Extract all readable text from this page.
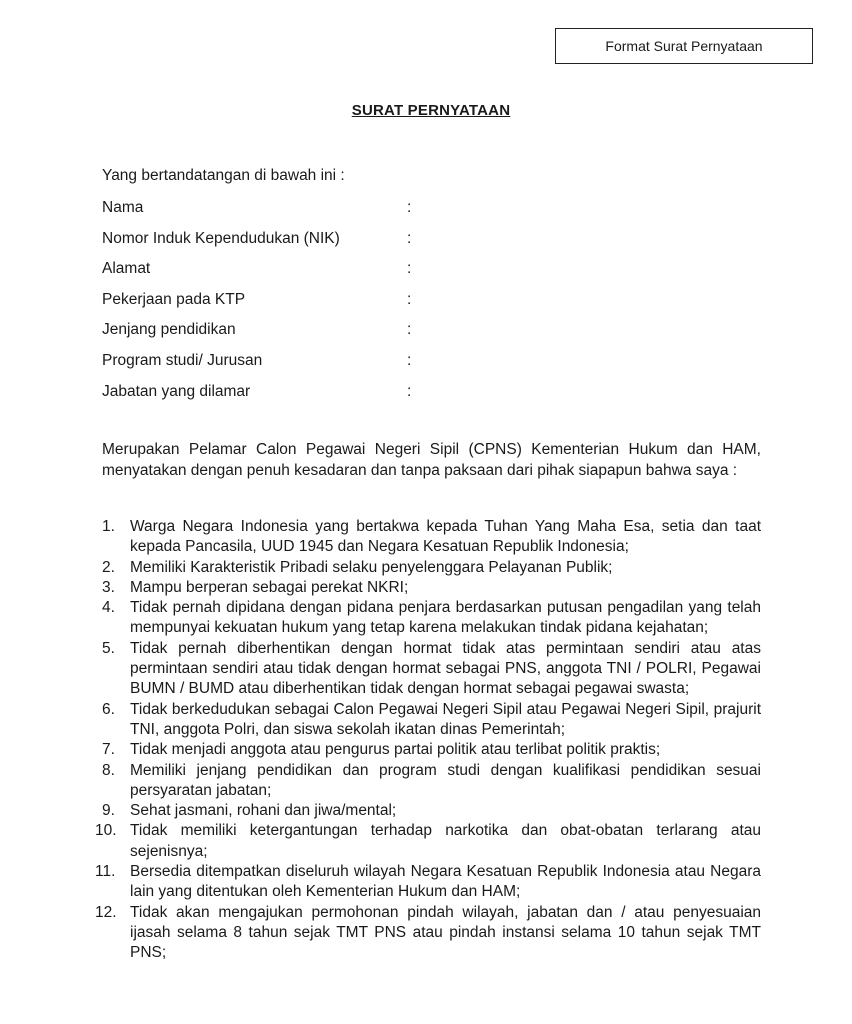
Format Surat Pernyataan
SURAT PERNYATAAN
Yang bertandatangan di bawah ini :
Nama	:
Nomor Induk Kependudukan (NIK)	:
Alamat	:
Pekerjaan pada KTP	:
Jenjang pendidikan	:
Program studi/ Jurusan	:
Jabatan yang dilamar	:
Merupakan Pelamar Calon Pegawai Negeri Sipil (CPNS) Kementerian Hukum dan HAM, menyatakan dengan penuh kesadaran dan tanpa paksaan dari pihak siapapun bahwa saya :
1. Warga Negara Indonesia yang bertakwa kepada Tuhan Yang Maha Esa, setia dan taat kepada Pancasila, UUD 1945 dan Negara Kesatuan Republik Indonesia;
2. Memiliki Karakteristik Pribadi selaku penyelenggara Pelayanan Publik;
3. Mampu berperan sebagai perekat NKRI;
4. Tidak pernah dipidana dengan pidana penjara berdasarkan putusan pengadilan yang telah mempunyai kekuatan hukum yang tetap karena melakukan tindak pidana kejahatan;
5. Tidak pernah diberhentikan dengan hormat tidak atas permintaan sendiri atau atas permintaan sendiri atau tidak dengan hormat sebagai PNS, anggota TNI / POLRI, Pegawai BUMN / BUMD atau diberhentikan tidak dengan hormat sebagai pegawai swasta;
6. Tidak berkedudukan sebagai Calon Pegawai Negeri Sipil atau Pegawai Negeri Sipil, prajurit TNI, anggota Polri, dan siswa sekolah ikatan dinas Pemerintah;
7. Tidak menjadi anggota atau pengurus partai politik atau terlibat politik praktis;
8. Memiliki jenjang pendidikan dan program studi dengan kualifikasi pendidikan sesuai persyaratan jabatan;
9. Sehat jasmani, rohani dan jiwa/mental;
10. Tidak memiliki ketergantungan terhadap narkotika dan obat-obatan terlarang atau sejenisnya;
11. Bersedia ditempatkan diseluruh wilayah Negara Kesatuan Republik Indonesia atau Negara lain yang ditentukan oleh Kementerian Hukum dan HAM;
12. Tidak akan mengajukan permohonan pindah wilayah, jabatan dan / atau penyesuaian ijasah selama 8 tahun sejak TMT PNS atau pindah instansi selama 10 tahun sejak TMT PNS;
